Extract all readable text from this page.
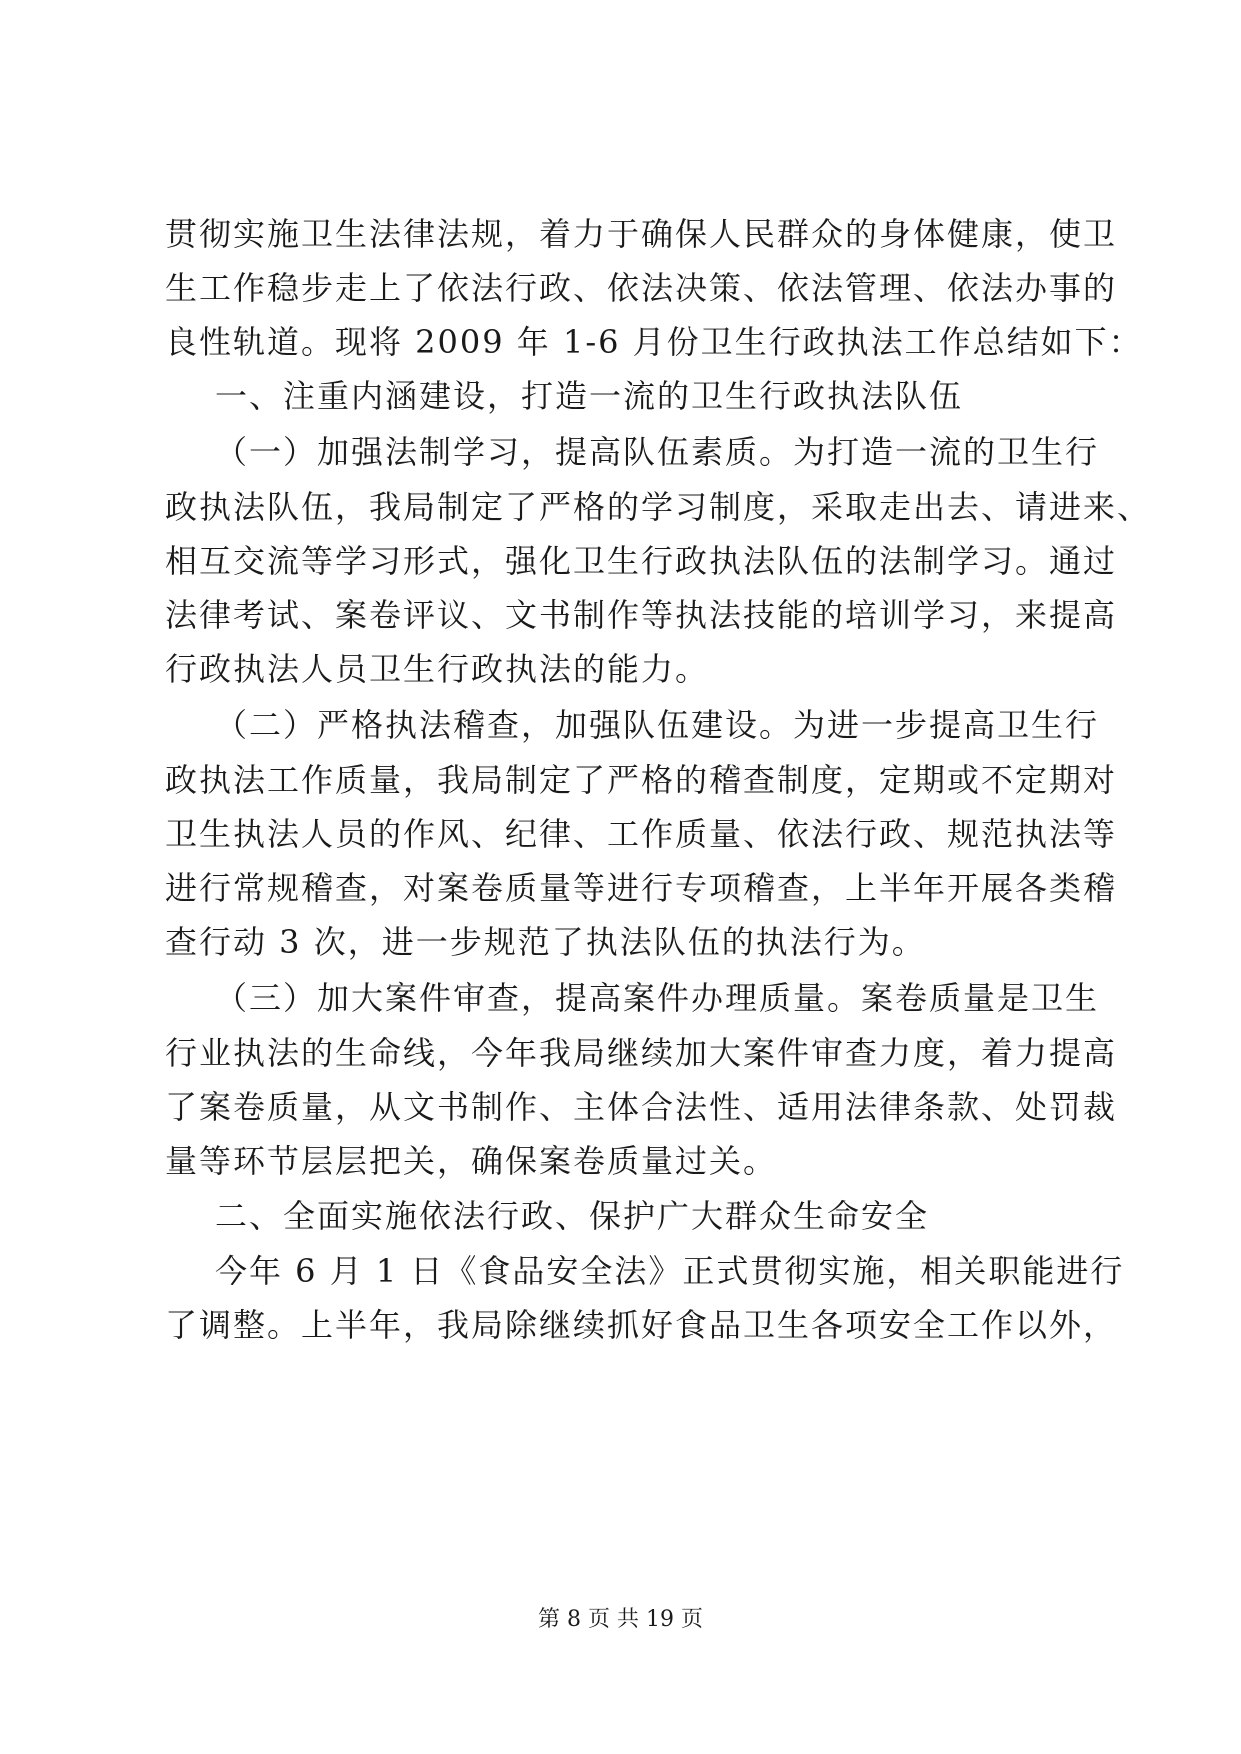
贯彻实施卫生法律法规，着力于确保人民群众的身体健康，使卫
生工作稳步走上了依法行政、依法决策、依法管理、依法办事的
良性轨道。现将 2009 年 1-6 月份卫生行政执法工作总结如下：
一、注重内涵建设，打造一流的卫生行政执法队伍
（一）加强法制学习，提高队伍素质。为打造一流的卫生行
政执法队伍，我局制定了严格的学习制度，采取走出去、请进来、
相互交流等学习形式，强化卫生行政执法队伍的法制学习。通过
法律考试、案卷评议、文书制作等执法技能的培训学习，来提高
行政执法人员卫生行政执法的能力。
（二）严格执法稽查，加强队伍建设。为进一步提高卫生行
政执法工作质量，我局制定了严格的稽查制度，定期或不定期对
卫生执法人员的作风、纪律、工作质量、依法行政、规范执法等
进行常规稽查，对案卷质量等进行专项稽查，上半年开展各类稽
查行动 3 次，进一步规范了执法队伍的执法行为。
（三）加大案件审查，提高案件办理质量。案卷质量是卫生
行业执法的生命线，今年我局继续加大案件审查力度，着力提高
了案卷质量，从文书制作、主体合法性、适用法律条款、处罚裁
量等环节层层把关，确保案卷质量过关。
二、全面实施依法行政、保护广大群众生命安全
今年 6 月 1 日《食品安全法》正式贯彻实施，相关职能进行
了调整。上半年，我局除继续抓好食品卫生各项安全工作以外，
第 8 页 共 19 页
